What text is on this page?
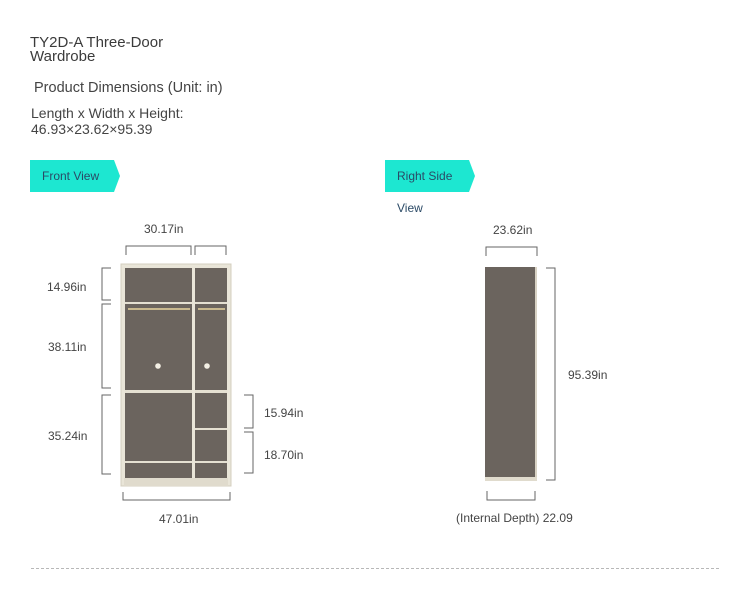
TY2D-A Three-Door
Wardrobe
Product Dimensions (Unit: in)
Length x Width x Height:
46.93×23.62×95.39
Front View	Right Side View
30.17in
14.96in
38.11in
35.24in
15.94in
18.70in
47.01in
23.62in
95.39in
(Internal Depth) 22.09
